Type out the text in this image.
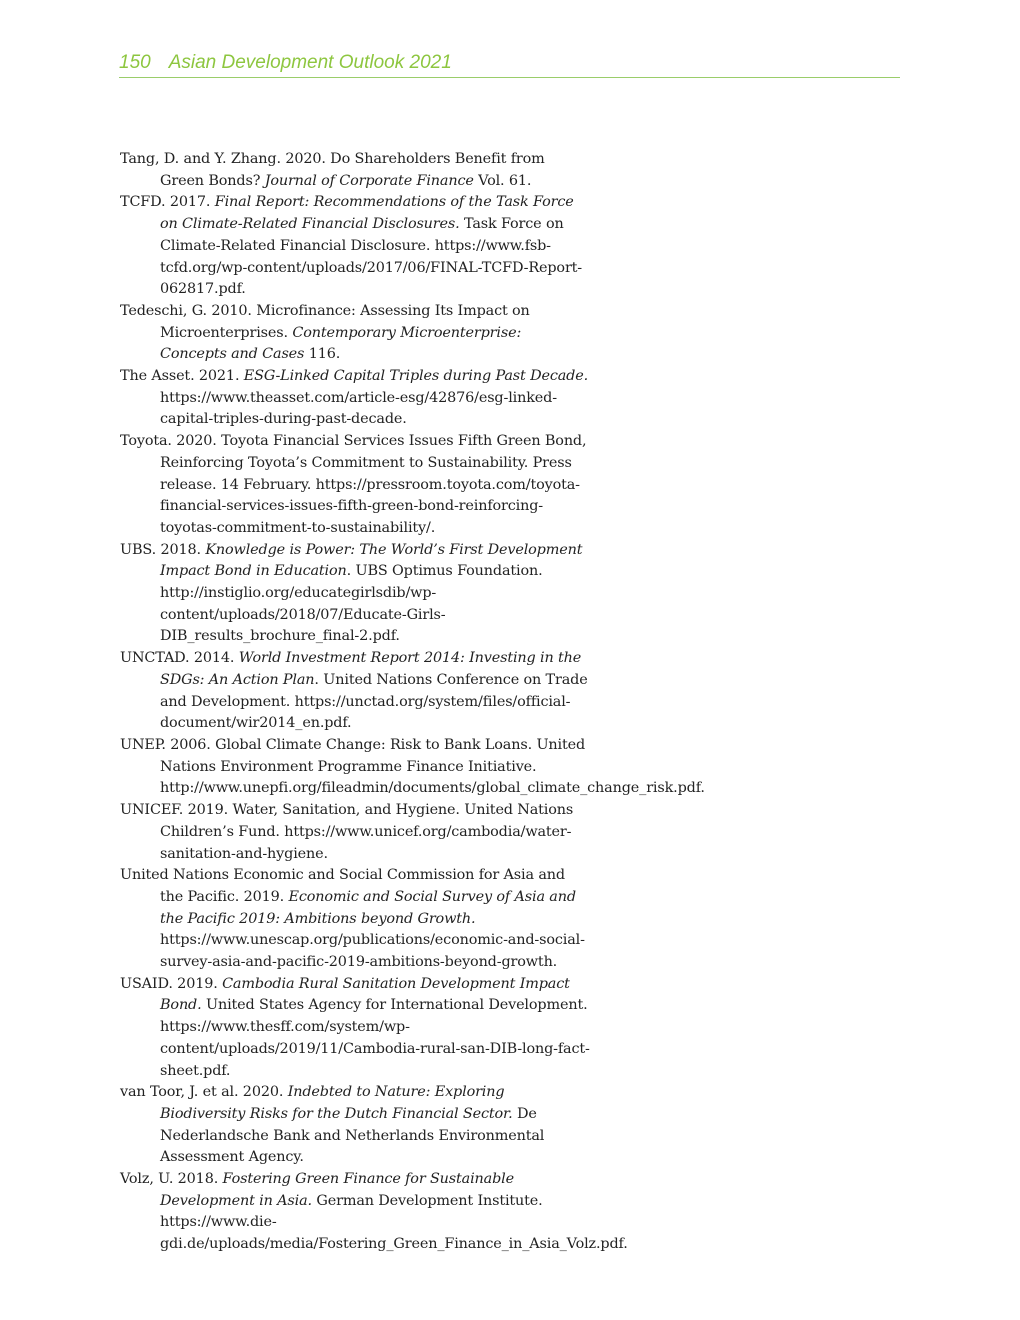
150 Asian Development Outlook 2021
Tang, D. and Y. Zhang. 2020. Do Shareholders Benefit from Green Bonds? Journal of Corporate Finance Vol. 61.
TCFD. 2017. Final Report: Recommendations of the Task Force on Climate-Related Financial Disclosures. Task Force on Climate-Related Financial Disclosure. https://www.fsb-tcfd.org/wp-content/uploads/2017/06/FINAL-TCFD-Report-062817.pdf.
Tedeschi, G. 2010. Microfinance: Assessing Its Impact on Microenterprises. Contemporary Microenterprise: Concepts and Cases 116.
The Asset. 2021. ESG-Linked Capital Triples during Past Decade. https://www.theasset.com/article-esg/42876/esg-linked-capital-triples-during-past-decade.
Toyota. 2020. Toyota Financial Services Issues Fifth Green Bond, Reinforcing Toyota’s Commitment to Sustainability. Press release. 14 February. https://pressroom.toyota.com/toyota-financial-services-issues-fifth-green-bond-reinforcing-toyotas-commitment-to-sustainability/.
UBS. 2018. Knowledge is Power: The World’s First Development Impact Bond in Education. UBS Optimus Foundation. http://instiglio.org/educategirlsdib/wp-content/uploads/2018/07/Educate-Girls-DIB_results_brochure_final-2.pdf.
UNCTAD. 2014. World Investment Report 2014: Investing in the SDGs: An Action Plan. United Nations Conference on Trade and Development. https://unctad.org/system/files/official-document/wir2014_en.pdf.
UNEP. 2006. Global Climate Change: Risk to Bank Loans. United Nations Environment Programme Finance Initiative. http://www.unepfi.org/fileadmin/documents/global_climate_change_risk.pdf.
UNICEF. 2019. Water, Sanitation, and Hygiene. United Nations Children’s Fund. https://www.unicef.org/cambodia/water-sanitation-and-hygiene.
United Nations Economic and Social Commission for Asia and the Pacific. 2019. Economic and Social Survey of Asia and the Pacific 2019: Ambitions beyond Growth. https://www.unescap.org/publications/economic-and-social-survey-asia-and-pacific-2019-ambitions-beyond-growth.
USAID. 2019. Cambodia Rural Sanitation Development Impact Bond. United States Agency for International Development. https://www.thesff.com/system/wp-content/uploads/2019/11/Cambodia-rural-san-DIB-long-fact-sheet.pdf.
van Toor, J. et al. 2020. Indebted to Nature: Exploring Biodiversity Risks for the Dutch Financial Sector. De Nederlandsche Bank and Netherlands Environmental Assessment Agency.
Volz, U. 2018. Fostering Green Finance for Sustainable Development in Asia. German Development Institute. https://www.die-gdi.de/uploads/media/Fostering_Green_Finance_in_Asia_Volz.pdf.
